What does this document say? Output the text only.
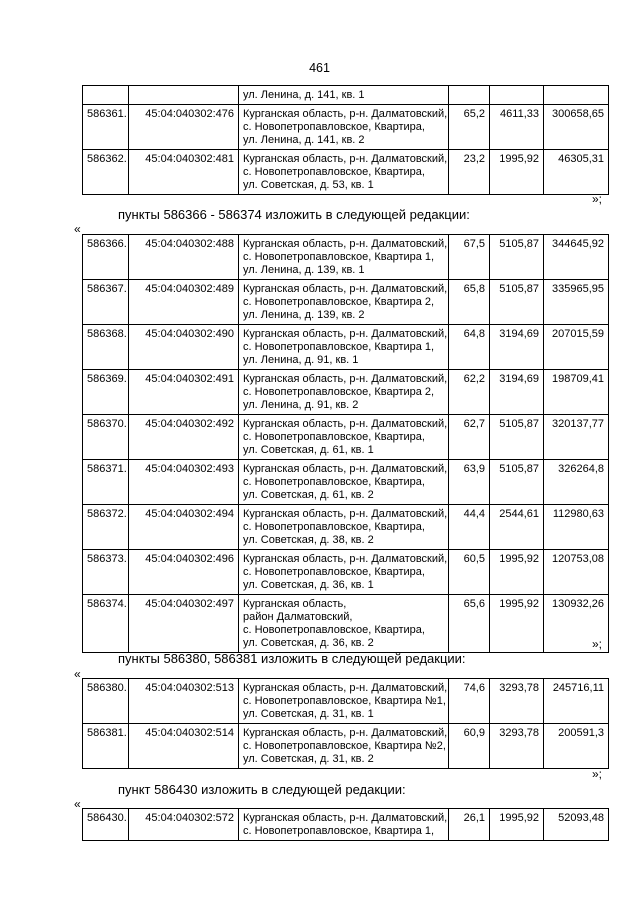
461

		ул. Ленина, д. 141, кв. 1			

586361.	45:04:040302:476	Курганская область, р-н. Далматовский,
с. Новопетропавловское, Квартира,
ул. Ленина, д. 141, кв. 2	65,2	4611,33	300658,65
586362.	45:04:040302:481	Курганская область, р-н. Далматовский,
с. Новопетропавловское, Квартира,
ул. Советская, д. 53, кв. 1	23,2	1995,92	46305,31
»;
пункты 586366 - 586374 изложить в следующей редакции:
«
586366.	45:04:040302:488	Курганская область, р-н. Далматовский,
с. Новопетропавловское, Квартира 1,
ул. Ленина, д. 139, кв. 1	67,5	5105,87	344645,92
586367.	45:04:040302:489	Курганская область, р-н. Далматовский,
с. Новопетропавловское, Квартира 2,
ул. Ленина, д. 139, кв. 2	65,8	5105,87	335965,95
586368.	45:04:040302:490	Курганская область, р-н. Далматовский,
с. Новопетропавловское, Квартира 1,
ул. Ленина, д. 91, кв. 1	64,8	3194,69	207015,59
586369.	45:04:040302:491	Курганская область, р-н. Далматовский,
с. Новопетропавловское, Квартира 2,
ул. Ленина, д. 91, кв. 2	62,2	3194,69	198709,41
586370.	45:04:040302:492	Курганская область, р-н. Далматовский,
с. Новопетропавловское, Квартира,
ул. Советская, д. 61, кв. 1	62,7	5105,87	320137,77
586371.	45:04:040302:493	Курганская область, р-н. Далматовский,
с. Новопетропавловское, Квартира,
ул. Советская, д. 61, кв. 2	63,9	5105,87	326264,8
586372.	45:04:040302:494	Курганская область, р-н. Далматовский,
с. Новопетропавловское, Квартира,
ул. Советская, д. 38, кв. 2	44,4	2544,61	112980,63
586373.	45:04:040302:496	Курганская область, р-н. Далматовский,
с. Новопетропавловское, Квартира,
ул. Советская, д. 36, кв. 1	60,5	1995,92	120753,08
586374.	45:04:040302:497	Курганская область,
район Далматовский,
с. Новопетропавловское, Квартира,
ул. Советская, д. 36, кв. 2	65,6	1995,92	130932,26
»;
пункты 586380, 586381 изложить в следующей редакции:
«
586380.	45:04:040302:513	Курганская область, р-н. Далматовский,
с. Новопетропавловское, Квартира №1,
ул. Советская, д. 31, кв. 1	74,6	3293,78	245716,11
586381.	45:04:040302:514	Курганская область, р-н. Далматовский,
с. Новопетропавловское, Квартира №2,
ул. Советская, д. 31, кв. 2	60,9	3293,78	200591,3
»;
пункт 586430 изложить в следующей редакции:
«
586430.	45:04:040302:572	Курганская область, р-н. Далматовский,
с. Новопетропавловское, Квартира 1,
	26,1	1995,92	52093,48
